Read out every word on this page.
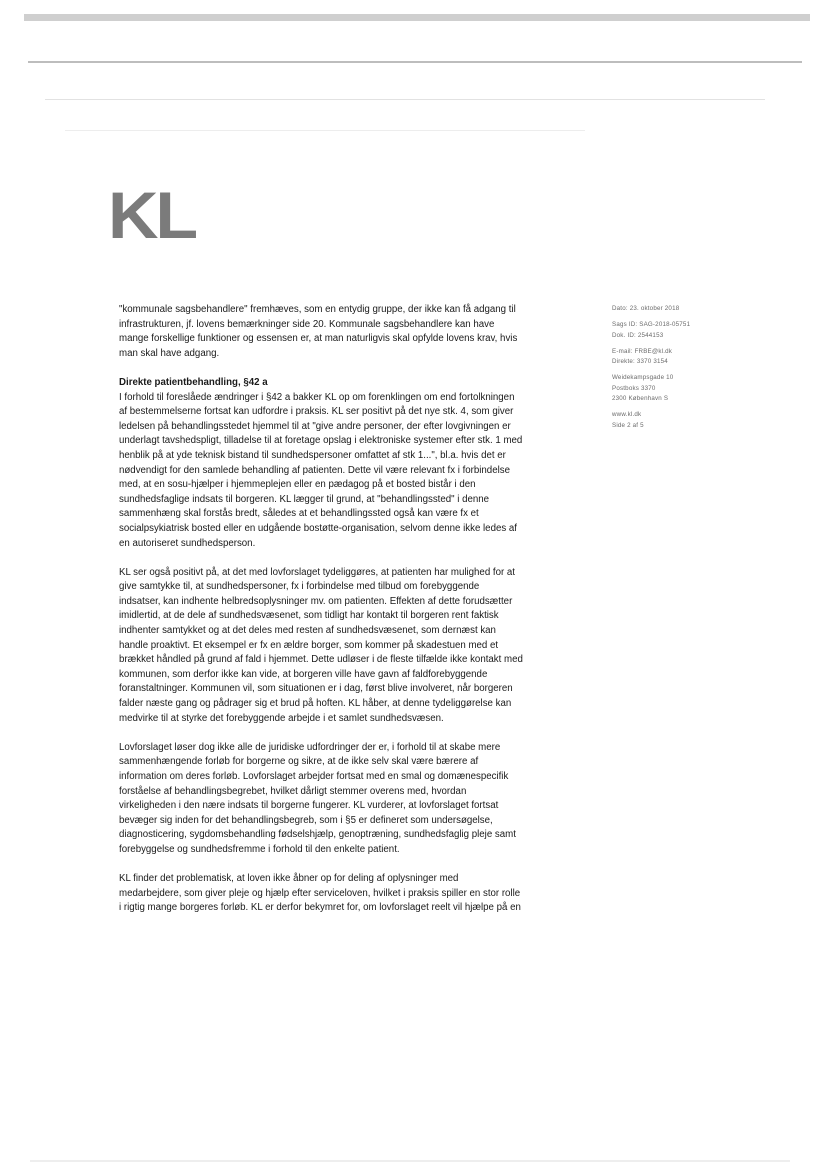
KL
Dato: 23. oktober 2018
Sags ID: SAG-2018-05751
Dok. ID: 2544153
E-mail: FRBE@kl.dk
Direkte: 3370 3154
Weidekampsgade 10
Postboks 3370
2300 København S
www.kl.dk
Side 2 af 5

"kommunale sagsbehandlere" fremhæves, som en entydig gruppe, der ikke kan få adgang til infrastrukturen, jf. lovens bemærkninger side 20. Kommunale sagsbehandlere kan have mange forskellige funktioner og essensen er, at man naturligvis skal opfylde lovens krav, hvis man skal have adgang.

Direkte patientbehandling, §42 a
I forhold til foreslåede ændringer i §42 a bakker KL op om forenklingen om end fortolkningen af bestemmelserne fortsat kan udfordre i praksis. KL ser positivt på det nye stk. 4, som giver ledelsen på behandlingsstedet hjemmel til at "give andre personer, der efter lovgivningen er underlagt tavshedspligt, tilladelse til at foretage opslag i elektroniske systemer efter stk. 1 med henblik på at yde teknisk bistand til sundhedspersoner omfattet af stk 1...", bl.a. hvis det er nødvendigt for den samlede behandling af patienten. Dette vil være relevant fx i forbindelse med, at en sosu-hjælper i hjemmeplejen eller en pædagog på et bosted bistår i den sundhedsfaglige indsats til borgeren. KL lægger til grund, at "behandlingssted" i denne sammenhæng skal forstås bredt, således at et behandlingssted også kan være fx et socialpsykiatrisk bosted eller en udgående bostøtte-organisation, selvom denne ikke ledes af en autoriseret sundhedsperson.

KL ser også positivt på, at det med lovforslaget tydeliggøres, at patienten har mulighed for at give samtykke til, at sundhedspersoner, fx i forbindelse med tilbud om forebyggende indsatser, kan indhente helbredsoplysninger mv. om patienten. Effekten af dette forudsætter imidlertid, at de dele af sundhedsvæsenet, som tidligt har kontakt til borgeren rent faktisk indhenter samtykket og at det deles med resten af sundhedsvæsenet, som dernæst kan handle proaktivt. Et eksempel er fx en ældre borger, som kommer på skadestuen med et brækket håndled på grund af fald i hjemmet. Dette udløser i de fleste tilfælde ikke kontakt med kommunen, som derfor ikke kan vide, at borgeren ville have gavn af faldforebyggende foranstaltninger. Kommunen vil, som situationen er i dag, først blive involveret, når borgeren falder næste gang og pådrager sig et brud på hoften. KL håber, at denne tydeliggørelse kan medvirke til at styrke det forebyggende arbejde i et samlet sundhedsvæsen.

Lovforslaget løser dog ikke alle de juridiske udfordringer der er, i forhold til at skabe mere sammenhængende forløb for borgerne og sikre, at de ikke selv skal være bærere af information om deres forløb. Lovforslaget arbejder fortsat med en smal og domænespecifik forståelse af behandlingsbegrebet, hvilket dårligt stemmer overens med, hvordan virkeligheden i den nære indsats til borgerne fungerer. KL vurderer, at lovforslaget fortsat bevæger sig inden for det behandlingsbegreb, som i §5 er defineret som undersøgelse, diagnosticering, sygdomsbehandling fødselshjælp, genoptræning, sundhedsfaglig pleje samt forebyggelse og sundhedsfremme i forhold til den enkelte patient.

KL finder det problematisk, at loven ikke åbner op for deling af oplysninger med medarbejdere, som giver pleje og hjælp efter serviceloven, hvilket i praksis spiller en stor rolle i rigtig mange borgeres forløb. KL er derfor bekymret for, om lovforslaget reelt vil hjælpe på en
